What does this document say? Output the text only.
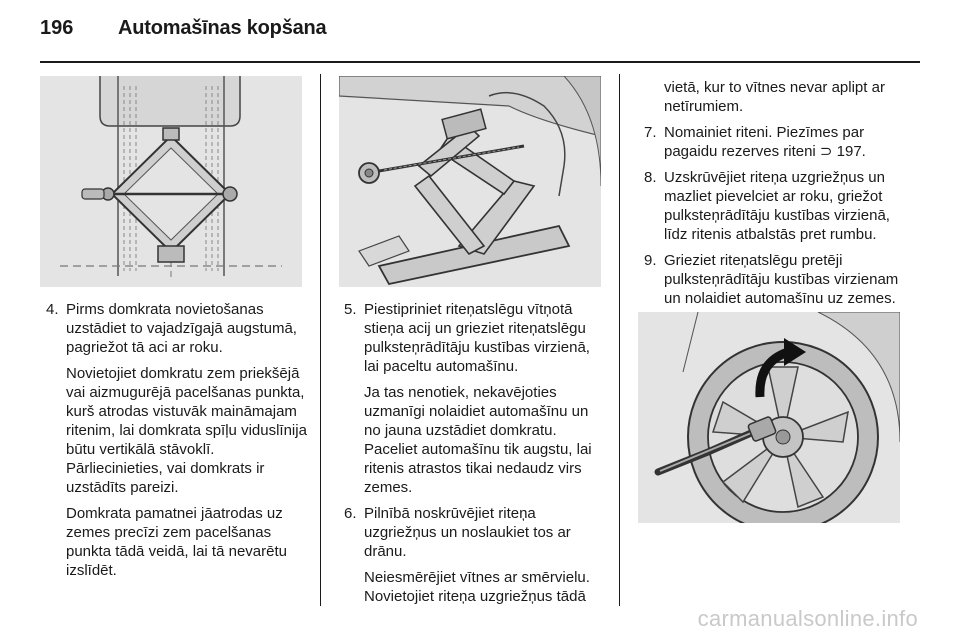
196	Automašīnas kopšana
4. Pirms domkrata novietošanas uzstādiet to vajadzīgajā augstumā, pagriežot tā aci ar roku.

Novietojiet domkratu zem priekšējā vai aizmugurējā pacelšanas punkta, kurš atrodas vistuvāk maināmajam ritenim, lai domkrata spīļu viduslīnija būtu vertikālā stāvoklī. Pārliecinieties, vai domkrats ir uzstādīts pareizi.

Domkrata pamatnei jāatrodas uz zemes precīzi zem pacelšanas punkta tādā veidā, lai tā nevarētu izslīdēt.

5. Piestipriniet riteņatslēgu vītņotā stieņa acij un grieziet riteņatslēgu pulksteņrādītāju kustības virzienā, lai paceltu automašīnu.

Ja tas nenotiek, nekavējoties uzmanīgi nolaidiet automašīnu un no jauna uzstādiet domkratu. Paceliet automašīnu tik augstu, lai ritenis atrastos tikai nedaudz virs zemes.

6. Pilnībā noskrūvējiet riteņa uzgriežņus un noslaukiet tos ar drānu.

Neiesmērējiet vītnes ar smērvielu. Novietojiet riteņa uzgriežņus tādā

vietā, kur to vītnes nevar aplipt ar netīrumiem.
7. Nomainiet riteni. Piezīmes par pagaidu rezerves riteni ⊃ 197.
8. Uzskrūvējiet riteņa uzgriežņus un mazliet pievelciet ar roku, griežot pulksteņrādītāju kustības virzienā, līdz ritenis atbalstās pret rumbu.
9. Grieziet riteņatslēgu pretēji pulksteņrādītāju kustības virzienam un nolaidiet automašīnu uz zemes.
carmanualsonline.info
